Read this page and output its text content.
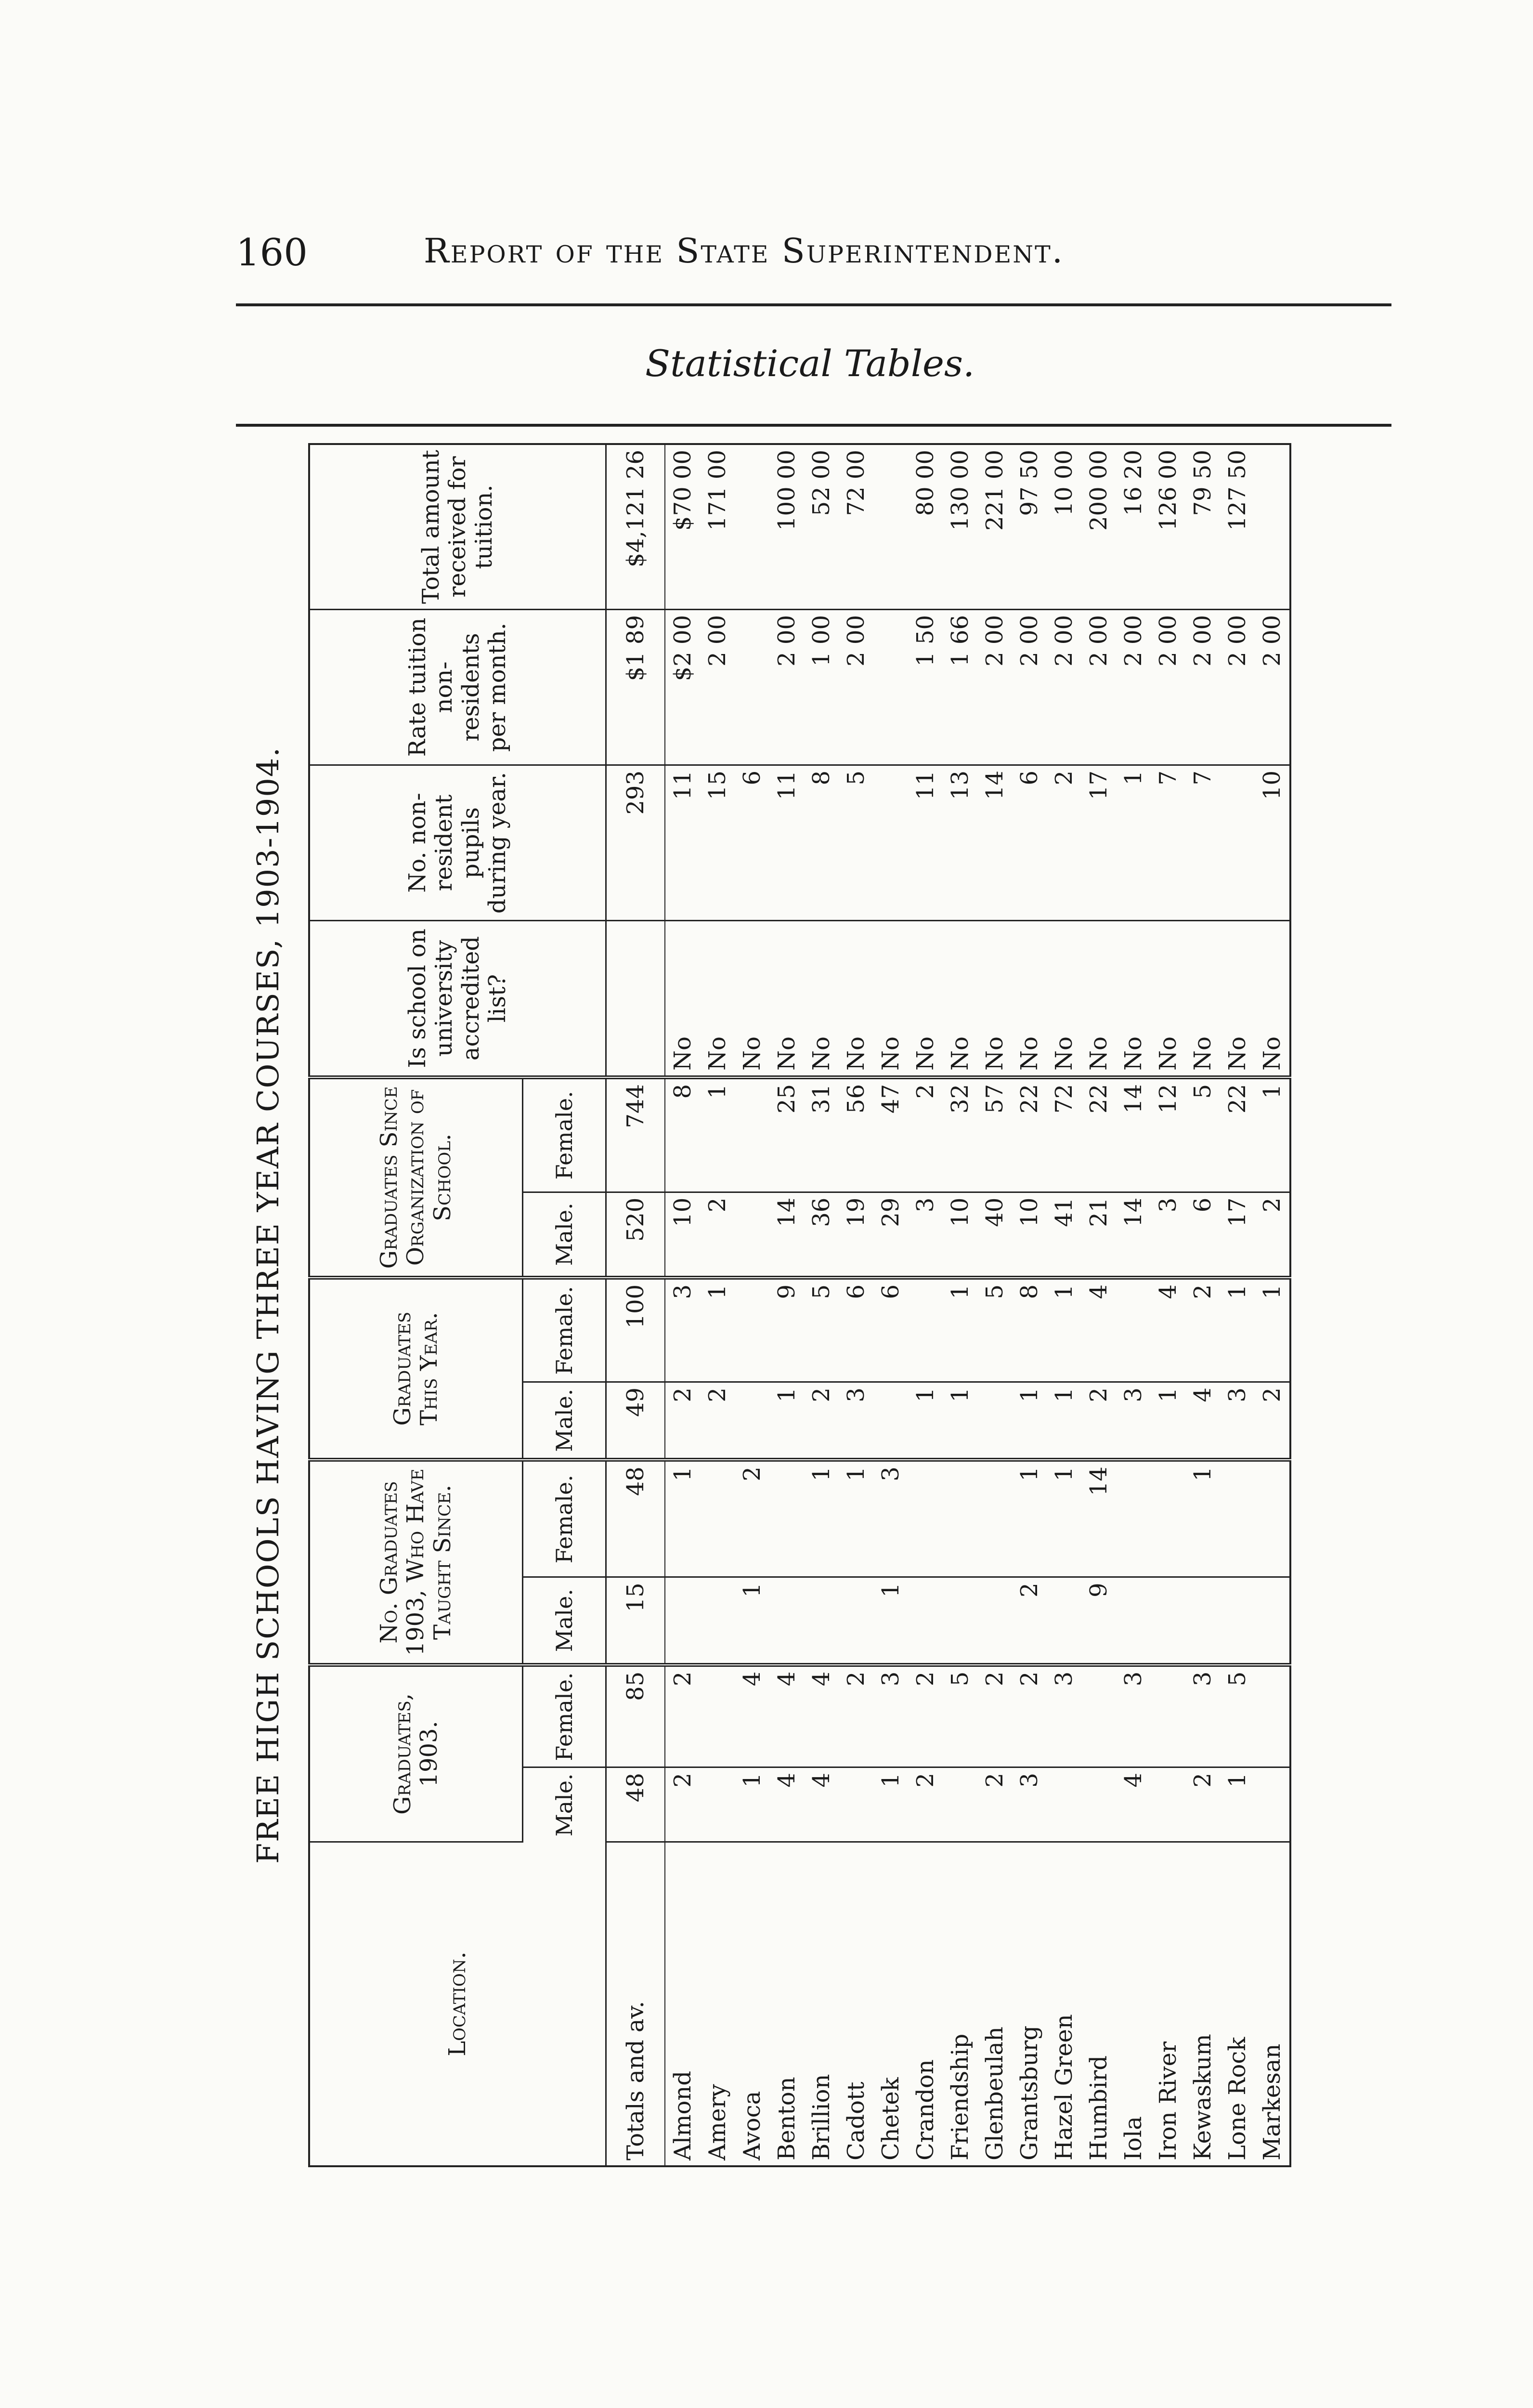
160	Report of the State Superintendent.
Statistical Tables.
FREE HIGH SCHOOLS HAVING THREE YEAR COURSES, 1903-1904.
Location.	Graduates, 1903.		No. Graduates 1903, Who Have Taught Since.		Graduates This Year.		Graduates Since Organization of School.		Is school on university accredited list?	No. non-resident pupils during year.	Rate tuition non-residents per month.	Total amount received for tuition.
	Male.	Female.	Male.	Female.	Male.	Female.	Male.	Female.				
Totals and av.	48	85	15	48	49	100	520	744		293	$1 89	$4,121 26
Almond	2	2		1	2	3	10	8	No	11	$2 00	$70 00
Amery					2	1	2	1	No	15	2 00	171 00
Avoca	1	4	1	2					No	6		
Benton	4	4			1	9	14	25	No	11	2 00	100 00
Brillion	4	4		1	2	5	36	31	No	8	1 00	52 00
Cadott		2		1	3	6	19	56	No	5	2 00	72 00
Chetek	1	3	1	3		6	29	47	No			
Crandon	2	2			1		3	2	No	11	1 50	80 00
Friendship		5			1	1	10	32	No	13	1 66	130 00
Glenbeulah	2	2				5	40	57	No	14	2 00	221 00
Grantsburg	3	2	2	1	1	8	10	22	No	6	2 00	97 50
Hazel Green		3		1	1	1	41	72	No	2	2 00	10 00
Humbird			9	14	2	4	21	22	No	17	2 00	200 00
Iola	4	3			3		14	14	No	1	2 00	16 20
Iron River					1	4	3	12	No	7	2 00	126 00
Kewaskum	2	3		1	4	2	6	5	No	7	2 00	79 50
Lone Rock	1	5			3	1	17	22	No		2 00	127 50
Markesan					2	1	2	1	No	10	2 00	
